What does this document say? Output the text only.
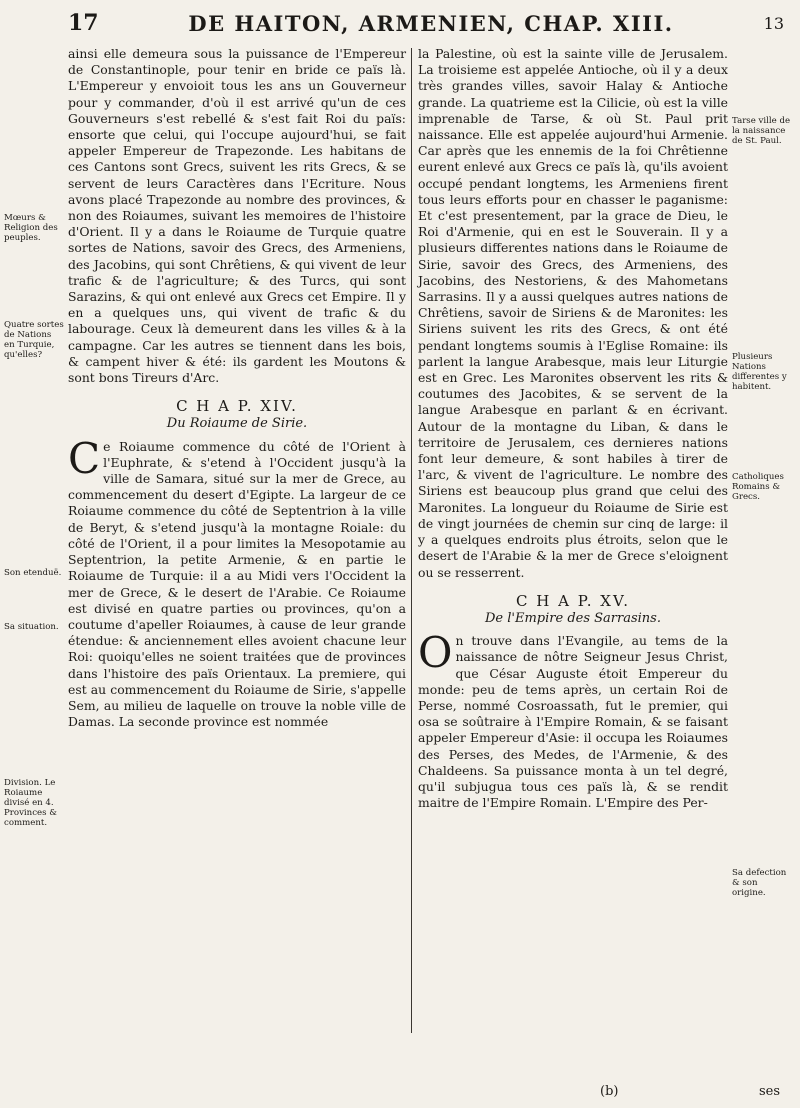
17	DE HAITON, ARMENIEN, CHAP. XIII.	13
Mœurs & Religion des peuples.
Quatre sortes de Nations en Turquie, qu'elles?
Son etenduë.
Sa situation.
Division. Le Roiaume divisé en 4. Provinces & comment.

ainsi elle demeura sous la puissance de l'Empereur de Constantinople, pour tenir en bride ce païs là. L'Empereur y envoioit tous les ans un Gouverneur pour y commander, d'où il est arrivé qu'un de ces Gouverneurs s'est rebellé & s'est fait Roi du païs: ensorte que celui, qui l'occupe aujourd'hui, se fait appeler Empereur de Trapezonde. Les habitans de ces Cantons sont Grecs, suivent les rits Grecs, & se servent de leurs Caractères dans l'Ecriture. Nous avons placé Trapezonde au nombre des provinces, & non des Roiaumes, suivant les memoires de l'histoire d'Orient. Il y a dans le Roiaume de Turquie quatre sortes de Nations, savoir des Grecs, des Armeniens, des Jacobins, qui sont Chrêtiens, & qui vivent de leur trafic & de l'agriculture; & des Turcs, qui sont Sarazins, & qui ont enlevé aux Grecs cet Empire. Il y en a quelques uns, qui vivent de trafic & du labourage. Ceux là demeurent dans les villes & à la campagne. Car les autres se tiennent dans les bois, & campent hiver & été: ils gardent les Moutons & sont bons Tireurs d'Arc.

C H A P. XIV.
Du Roiaume de Sirie.

Ce Roiaume commence du côté de l'Orient à l'Euphrate, & s'etend à l'Occident jusqu'à la ville de Samara, situé sur la mer de Grece, au commencement du desert d'Egipte. La largeur de ce Roiaume commence du côté de Septentrion à la ville de Beryt, & s'etend jusqu'à la montagne Roiale: du côté de l'Orient, il a pour limites la Mesopotamie au Septentrion, la petite Armenie, & en partie le Roiaume de Turquie: il a au Midi vers l'Occident la mer de Grece, & le desert de l'Arabie. Ce Roiaume est divisé en quatre parties ou provinces, qu'on a coutume d'apeller Roiaumes, à cause de leur grande étendue: & anciennement elles avoient chacune leur Roi: quoiqu'elles ne soient traitées que de provinces dans l'histoire des païs Orientaux. La premiere, qui est au commencement du Roiaume de Sirie, s'appelle Sem, au milieu de laquelle on trouve la noble ville de Damas. La seconde province est nommée

la Palestine, où est la sainte ville de Jerusalem. La troisieme est appelée Antioche, où il y a deux très grandes villes, savoir Halay & Antioche grande. La quatrieme est la Cilicie, où est la ville imprenable de Tarse, & où St. Paul prit naissance. Elle est appelée aujourd'hui Armenie. Car après que les ennemis de la foi Chrêtienne eurent enlevé aux Grecs ce païs là, qu'ils avoient occupé pendant longtems, les Armeniens firent tous leurs efforts pour en chasser le paganisme: Et c'est presentement, par la grace de Dieu, le Roi d'Armenie, qui en est le Souverain. Il y a plusieurs differentes nations dans le Roiaume de Sirie, savoir des Grecs, des Armeniens, des Jacobins, des Nestoriens, & des Mahometans Sarrasins. Il y a aussi quelques autres nations de Chrêtiens, savoir de Siriens & de Maronites: les Siriens suivent les rits des Grecs, & ont été pendant longtems soumis à l'Eglise Romaine: ils parlent la langue Arabesque, mais leur Liturgie est en Grec. Les Maronites observent les rits & coutumes des Jacobites, & se servent de la langue Arabesque en parlant & en écrivant. Autour de la montagne du Liban, & dans le territoire de Jerusalem, ces dernieres nations font leur demeure, & sont habiles à tirer de l'arc, & vivent de l'agriculture. Le nombre des Siriens est beaucoup plus grand que celui des Maronites. La longueur du Roiaume de Sirie est de vingt journées de chemin sur cinq de large: il y a quelques endroits plus étroits, selon que le desert de l'Arabie & la mer de Grece s'eloignent ou se resserrent.

C H A P. XV.
De l'Empire des Sarrasins.

On trouve dans l'Evangile, au tems de la naissance de nôtre Seigneur Jesus Christ, que César Auguste étoit Empereur du monde: peu de tems après, un certain Roi de Perse, nommé Cosroassath, fut le premier, qui osa se soûtraire à l'Empire Romain, & se faisant appeler Empereur d'Asie: il occupa les Roiaumes des Perses, des Medes, de l'Armenie, & des Chaldeens. Sa puissance monta à un tel degré, qu'il subjugua tous ces païs là, & se rendit maitre de l'Empire Romain. L'Empire des Per-

Tarse ville de la naissance de St. Paul.
Plusieurs Nations differentes y habitent.
Catholiques Romains & Grecs.
Sa defection & son origine.
(b)	ses
